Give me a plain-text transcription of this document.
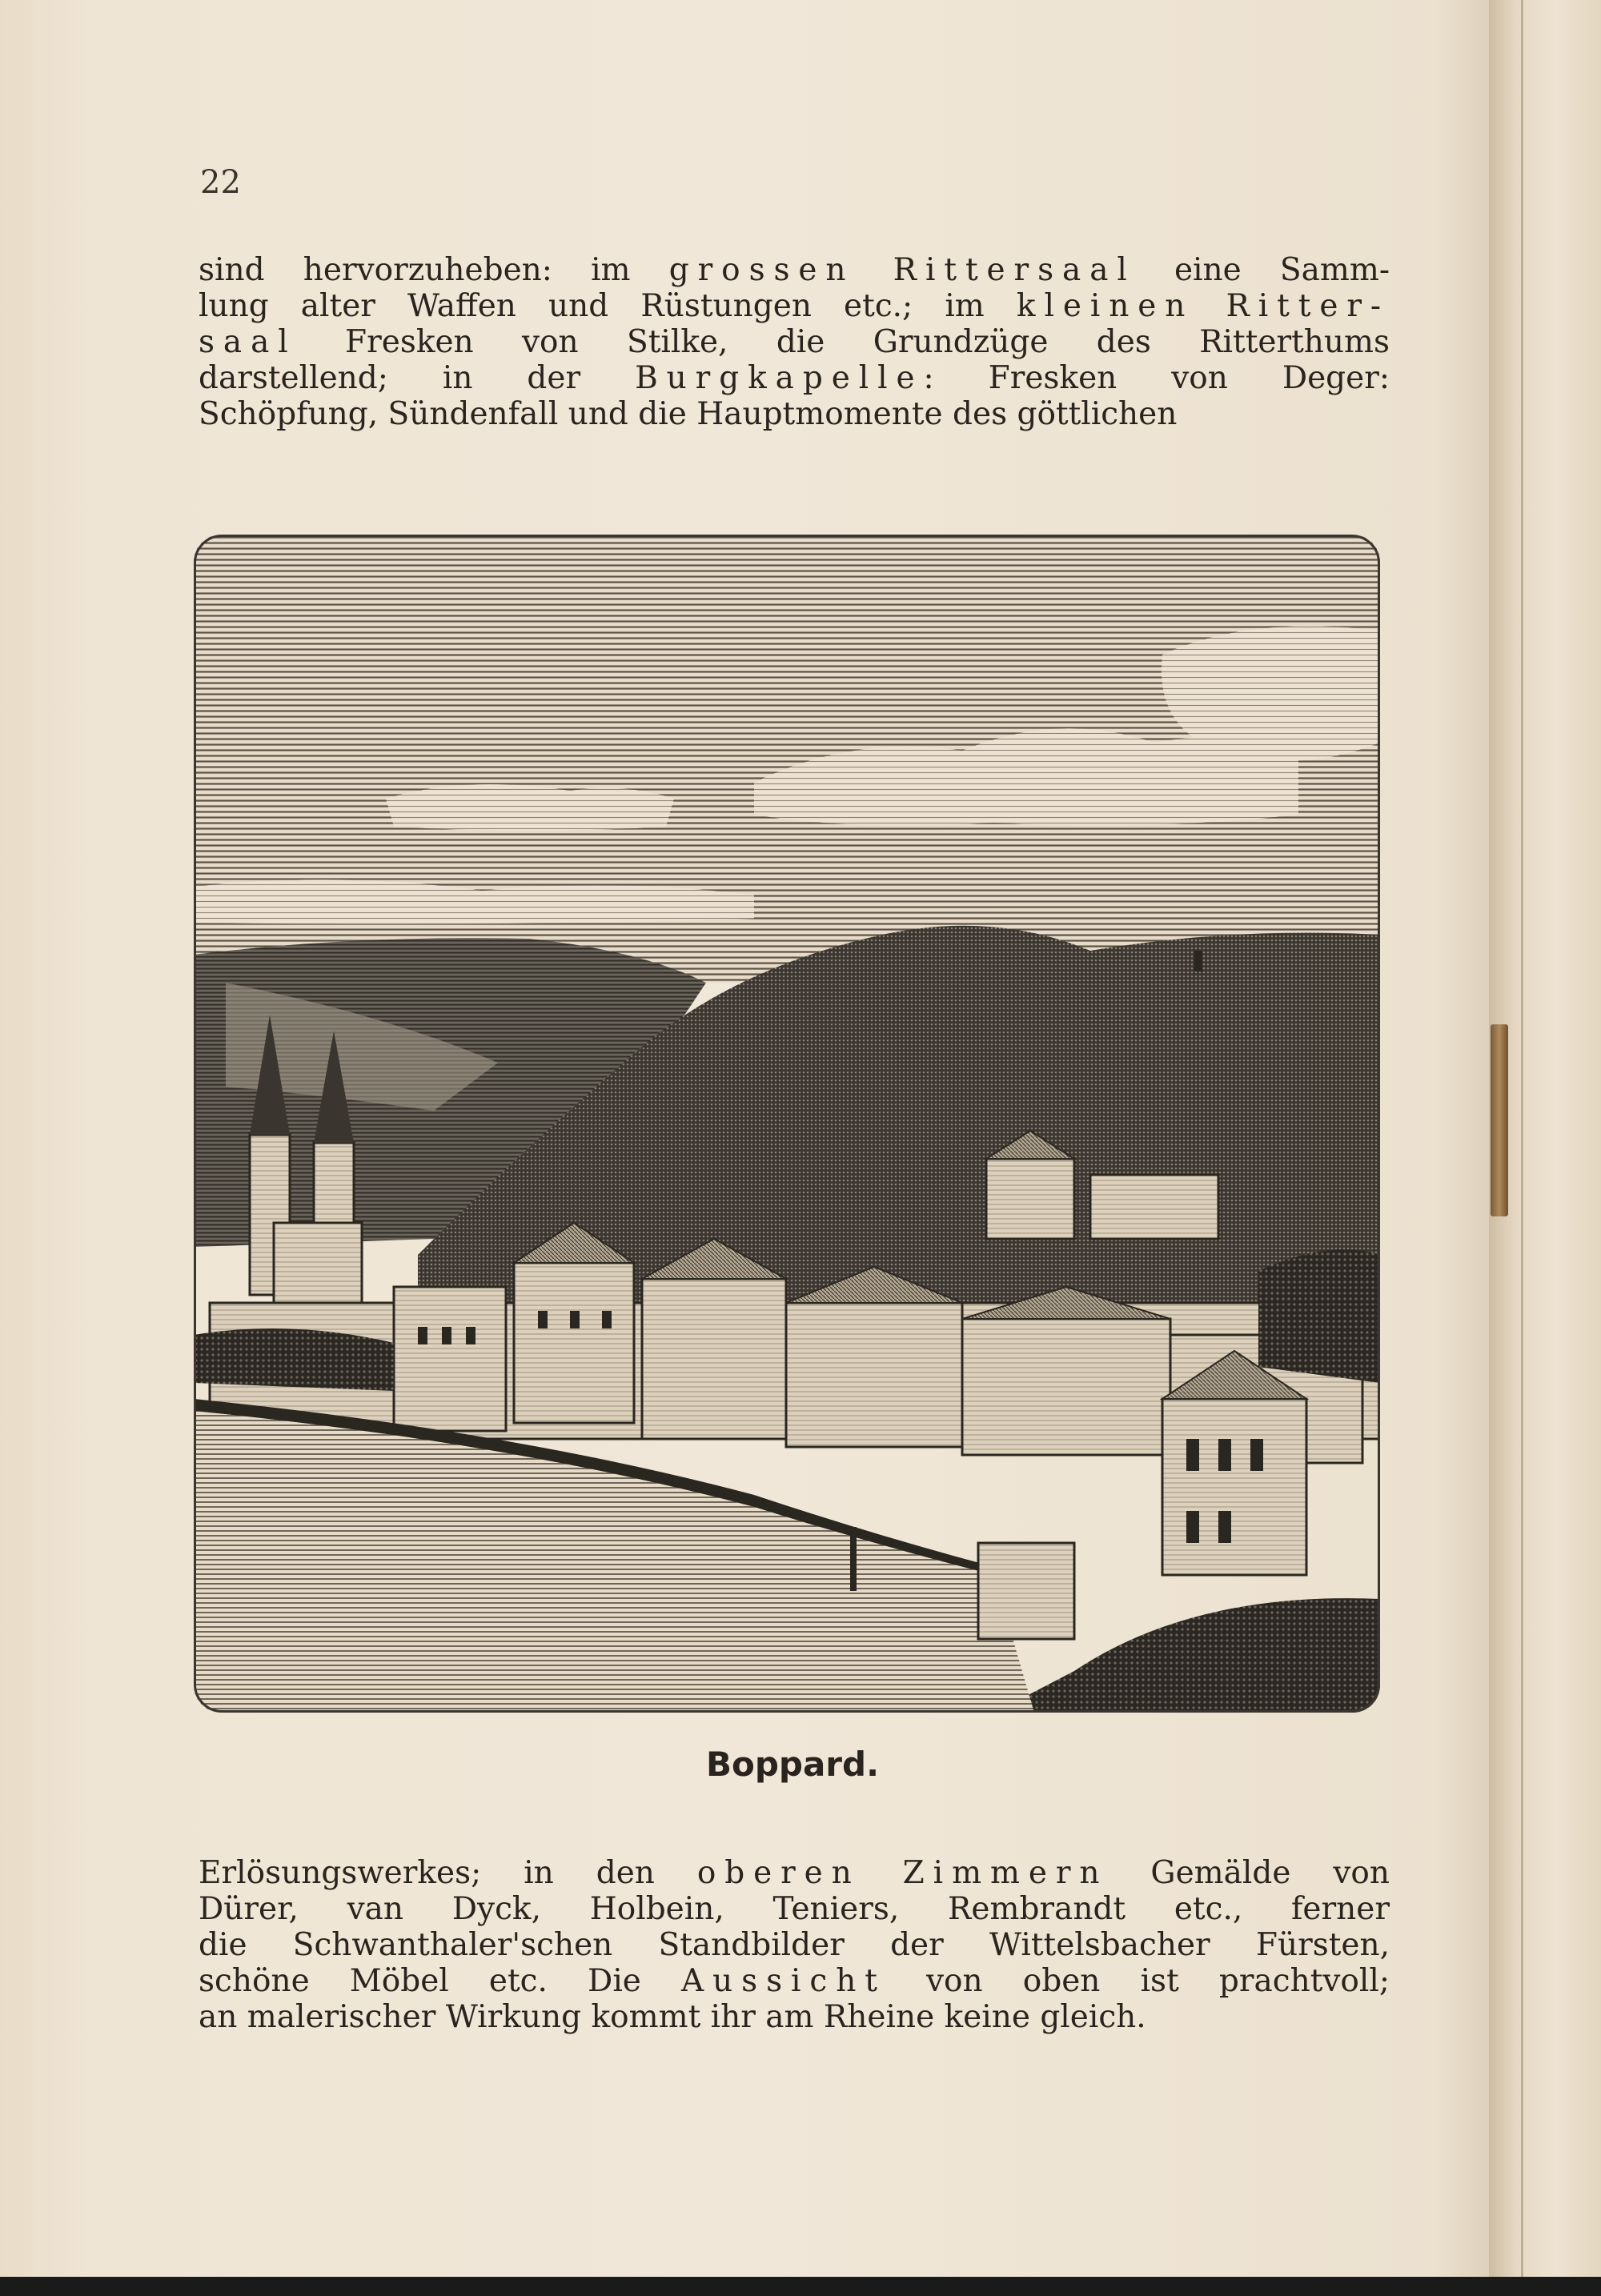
22
sind hervorzuheben: im grossen Rittersaal eine Samm-
lung alter Waffen und Rüstungen etc.; im kleinen Ritter-
saal Fresken von Stilke, die Grundzüge des Ritterthums
darstellend; in der Burgkapelle: Fresken von Deger:
Schöpfung, Sündenfall und die Hauptmomente des göttlichen
Boppard.
Erlösungswerkes; in den oberen Zimmern Gemälde von
Dürer, van Dyck, Holbein, Teniers, Rembrandt etc., ferner
die Schwanthaler'schen Standbilder der Wittelsbacher Fürsten,
schöne Möbel etc. Die Aussicht von oben ist prachtvoll;
an malerischer Wirkung kommt ihr am Rheine keine gleich.
